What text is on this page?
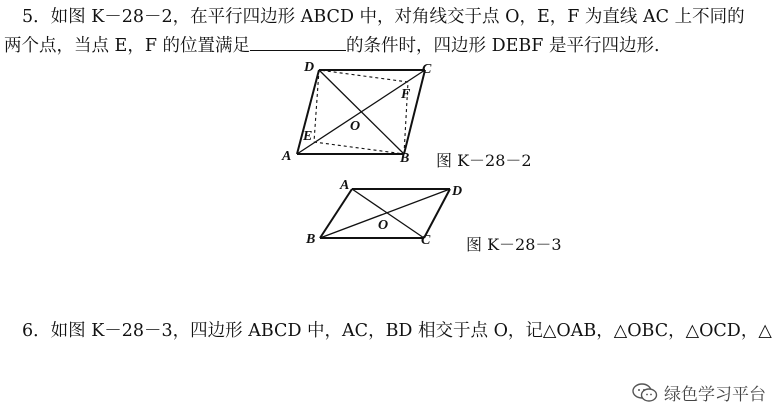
5．如图 K－28－2，在平行四边形 ABCD 中，对角线交于点 O，E，F 为直线 AC 上不同的
两个点，当点 E，F 的位置满足	的条件时，四边形 DEBF 是平行四边形.
D	C
F
O
E
A	B 图 K－28－2
A	D
O
B	C 图 K－28－3
6．如图 K－28－3，四边形 ABCD 中，AC，BD 相交于点 O，记△OAB，△OBC，△OCD，△
绿色学习平台
